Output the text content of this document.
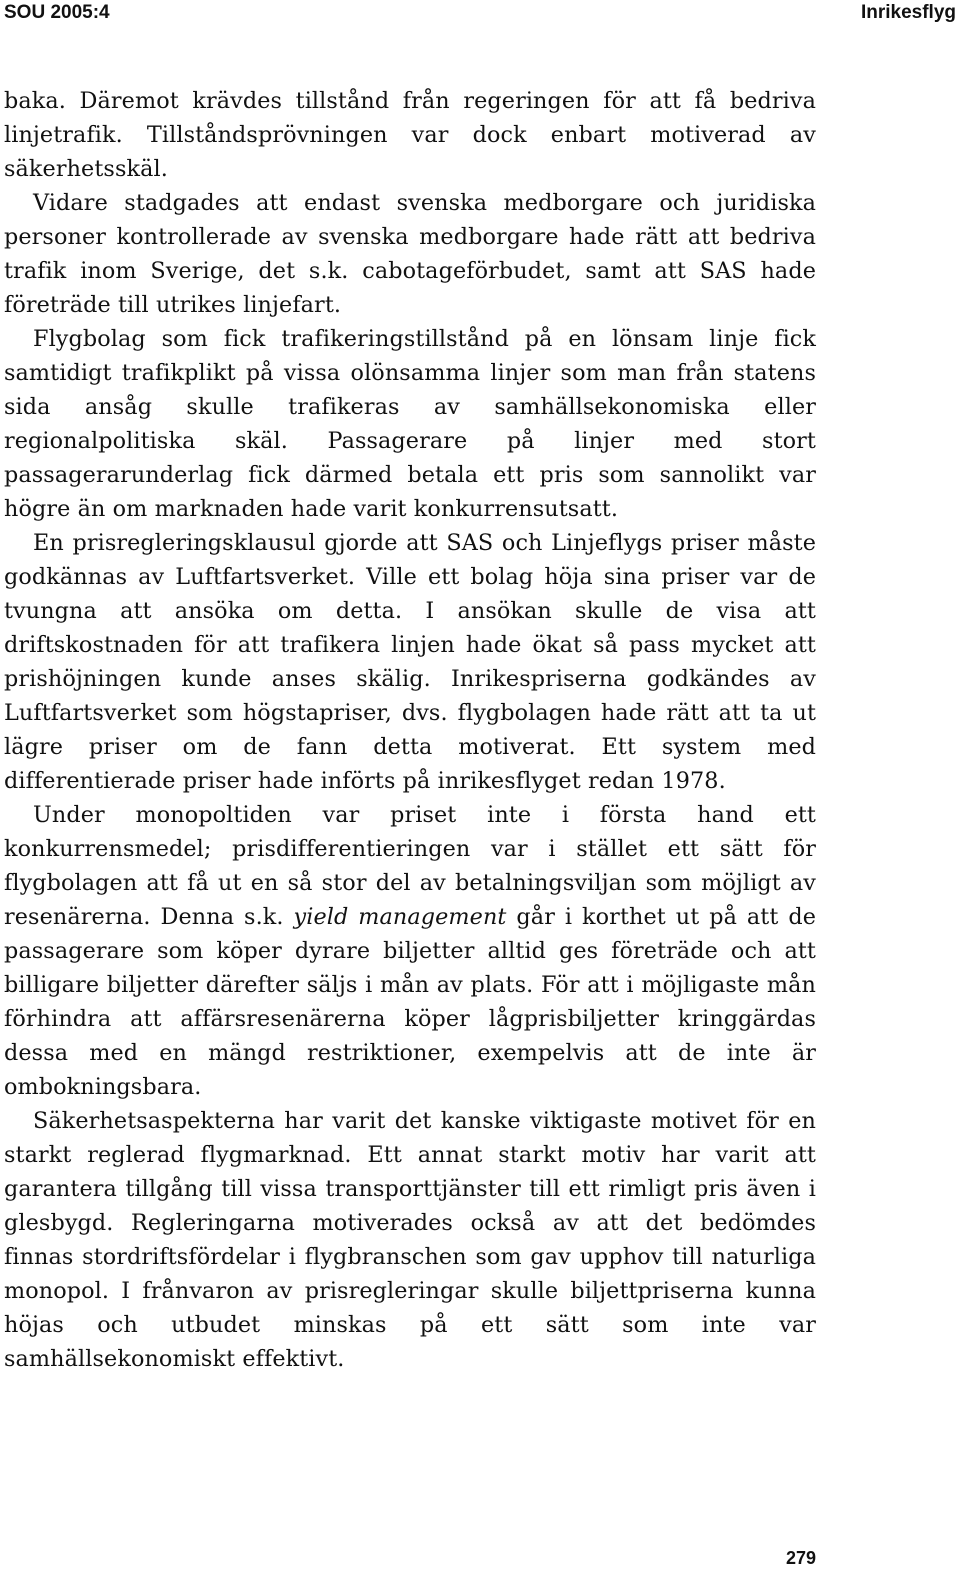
SOU 2005:4	Inrikesflyg

baka. Däremot krävdes tillstånd från regeringen för att få bedriva linjetrafik. Tillståndsprövningen var dock enbart motiverad av säkerhetsskäl.

Vidare stadgades att endast svenska medborgare och juridiska personer kontrollerade av svenska medborgare hade rätt att bedriva trafik inom Sverige, det s.k. cabotageförbudet, samt att SAS hade företräde till utrikes linjefart.

Flygbolag som fick trafikeringstillstånd på en lönsam linje fick samtidigt trafikplikt på vissa olönsamma linjer som man från statens sida ansåg skulle trafikeras av samhällsekonomiska eller regionalpolitiska skäl. Passagerare på linjer med stort passagerarunderlag fick därmed betala ett pris som sannolikt var högre än om marknaden hade varit konkurrensutsatt.

En prisregleringsklausul gjorde att SAS och Linjeflygs priser måste godkännas av Luftfartsverket. Ville ett bolag höja sina priser var de tvungna att ansöka om detta. I ansökan skulle de visa att driftskostnaden för att trafikera linjen hade ökat så pass mycket att prishöjningen kunde anses skälig. Inrikespriserna godkändes av Luftfartsverket som högstapriser, dvs. flygbolagen hade rätt att ta ut lägre priser om de fann detta motiverat. Ett system med differentierade priser hade införts på inrikesflyget redan 1978.

Under monopoltiden var priset inte i första hand ett konkurrensmedel; prisdifferentieringen var i stället ett sätt för flygbolagen att få ut en så stor del av betalningsviljan som möjligt av resenärerna. Denna s.k. yield management går i korthet ut på att de passagerare som köper dyrare biljetter alltid ges företräde och att billigare biljetter därefter säljs i mån av plats. För att i möjligaste mån förhindra att affärsresenärerna köper lågprisbiljetter kringgärdas dessa med en mängd restriktioner, exempelvis att de inte är ombokningsbara.

Säkerhetsaspekterna har varit det kanske viktigaste motivet för en starkt reglerad flygmarknad. Ett annat starkt motiv har varit att garantera tillgång till vissa transporttjänster till ett rimligt pris även i glesbygd. Regleringarna motiverades också av att det bedömdes finnas stordriftsfördelar i flygbranschen som gav upphov till naturliga monopol. I frånvaron av prisregleringar skulle biljettpriserna kunna höjas och utbudet minskas på ett sätt som inte var samhällsekonomiskt effektivt.

279
